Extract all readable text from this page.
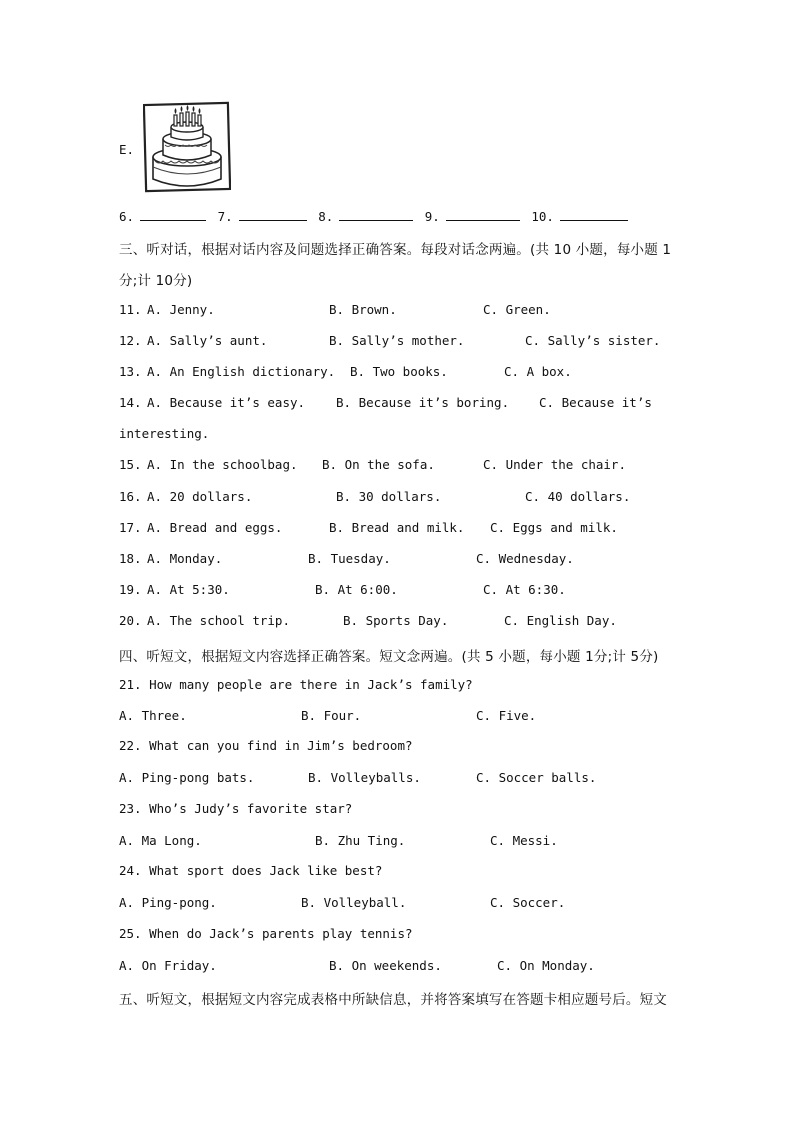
E.
6.	7.	8.	9.	10.
三、听对话，根据对话内容及问题选择正确答案。每段对话念两遍。(共 10 小题，每小题 1
分;计 10分)
11. A. Jenny.	B. Brown.	C. Green.
12. A. Sally’s aunt.	B. Sally’s mother.	C. Sally’s sister.
13. A. An English dictionary. B. Two books.	C. A box.
14. A. Because it’s easy. B. Because it’s boring. C. Because it’s
interesting.
15. A. In the schoolbag. B. On the sofa.	C. Under the chair.
16. A. 20 dollars.	B. 30 dollars.	C. 40 dollars.
17. A. Bread and eggs.	B. Bread and milk. C. Eggs and milk.
18. A. Monday.	B. Tuesday.	C. Wednesday.
19. A. At 5:30.	B. At 6:00.	C. At 6:30.
20. A. The school trip.	B. Sports Day.	C. English Day.
四、听短文，根据短文内容选择正确答案。短文念两遍。(共 5 小题，每小题 1分;计 5分)
21. How many people are there in Jack’s family?
A. Three.	B. Four.	C. Five.
22. What can you find in Jim’s bedroom?
A. Ping-pong bats.	B. Volleyballs.	C. Soccer balls.
23. Who’s Judy’s favorite star?
A. Ma Long.	B. Zhu Ting.	C. Messi.
24. What sport does Jack like best?
A. Ping-pong.	B. Volleyball.	C. Soccer.
25. When do Jack’s parents play tennis?
A. On Friday.	B. On weekends.	C. On Monday.
五、听短文，根据短文内容完成表格中所缺信息，并将答案填写在答题卡相应题号后。短文
